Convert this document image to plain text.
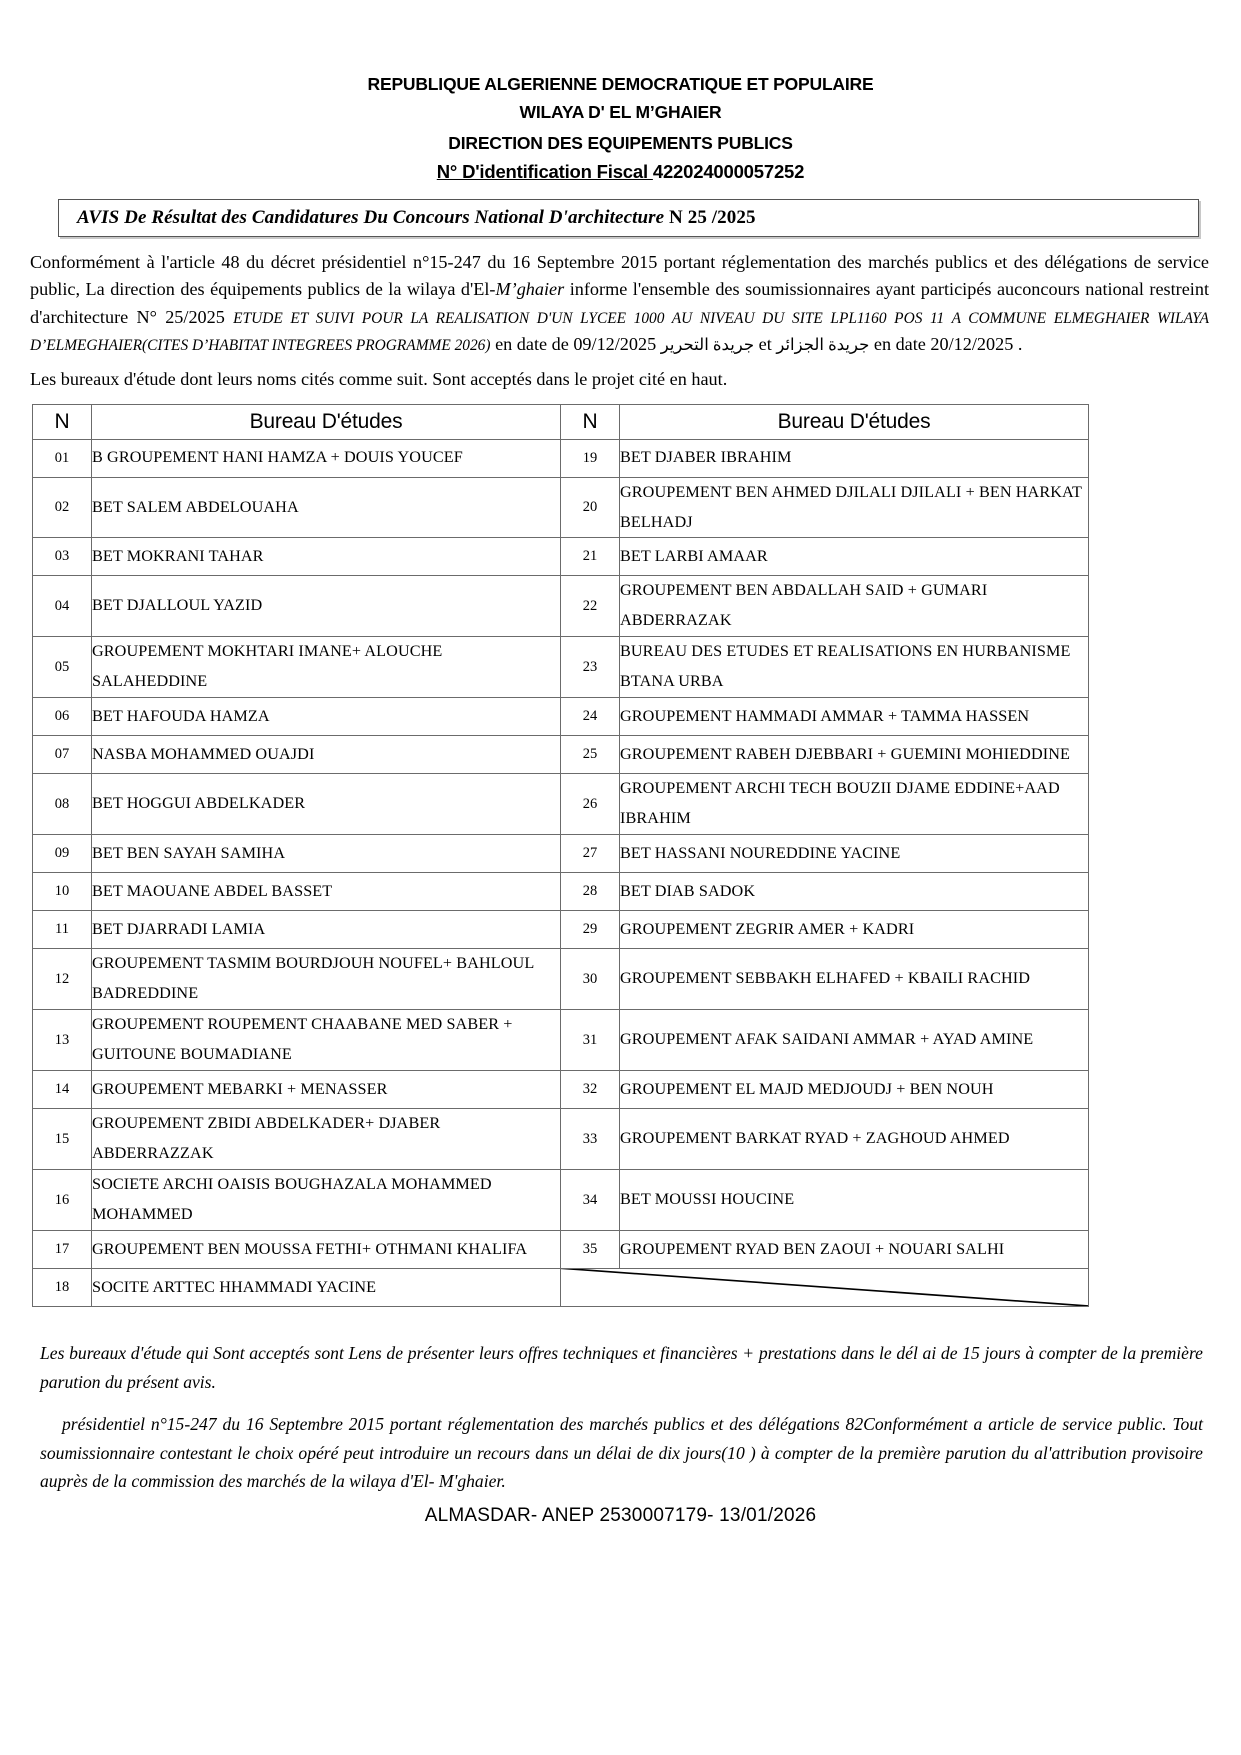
REPUBLIQUE ALGERIENNE DEMOCRATIQUE ET POPULAIRE
WILAYA D' EL M’GHAIER
DIRECTION DES EQUIPEMENTS PUBLICS
N° D'identification Fiscal 422024000057252
AVIS De Résultat des Candidatures Du Concours National D'architecture N 25 /2025
Conformément à l'article 48 du décret présidentiel n°15-247 du 16 Septembre 2015 portant réglementation des marchés publics et des délégations de service public, La direction des équipements publics de la wilaya d'El-M’ghaier informe l'ensemble des soumissionnaires ayant participés auconcours national restreint d'architecture N° 25/2025 ETUDE ET SUIVI POUR LA REALISATION D'UN LYCEE 1000 AU NIVEAU DU SITE LPL1160 POS 11 A COMMUNE ELMEGHAIER WILAYA D’ELMEGHAIER(CITES D’HABITAT INTEGREES PROGRAMME 2026) en date de 09/12/2025 جريدة التحرير et جريدة الجزائر en date 20/12/2025 .
Les bureaux d'étude dont leurs noms cités comme suit. Sont acceptés dans le projet cité en haut.
N	Bureau D'études	N	Bureau D'études
01	B GROUPEMENT HANI HAMZA + DOUIS YOUCEF	19	BET DJABER IBRAHIM
02	BET SALEM ABDELOUAHA	20	GROUPEMENT BEN AHMED DJILALI DJILALI + BEN HARKAT BELHADJ
03	BET MOKRANI TAHAR	21	BET LARBI AMAAR
04	BET DJALLOUL YAZID	22	GROUPEMENT BEN ABDALLAH SAID + GUMARI ABDERRAZAK
05	GROUPEMENT MOKHTARI IMANE+ ALOUCHE SALAHEDDINE	23	BUREAU DES ETUDES ET REALISATIONS EN HURBANISME BTANA URBA
06	BET HAFOUDA HAMZA	24	GROUPEMENT HAMMADI AMMAR + TAMMA HASSEN
07	NASBA MOHAMMED OUAJDI	25	GROUPEMENT RABEH DJEBBARI + GUEMINI MOHIEDDINE
08	BET HOGGUI ABDELKADER	26	GROUPEMENT ARCHI TECH BOUZII DJAME EDDINE+AAD IBRAHIM
09	BET BEN SAYAH SAMIHA	27	BET HASSANI NOUREDDINE YACINE
10	BET MAOUANE ABDEL BASSET	28	BET DIAB SADOK
11	BET DJARRADI LAMIA	29	GROUPEMENT ZEGRIR AMER + KADRI
12	GROUPEMENT TASMIM BOURDJOUH NOUFEL+ BAHLOUL BADREDDINE	30	GROUPEMENT SEBBAKH ELHAFED + KBAILI RACHID
13	GROUPEMENT ROUPEMENT CHAABANE MED SABER + GUITOUNE BOUMADIANE	31	GROUPEMENT AFAK SAIDANI AMMAR + AYAD AMINE
14	GROUPEMENT MEBARKI + MENASSER	32	GROUPEMENT EL MAJD MEDJOUDJ + BEN NOUH
15	GROUPEMENT ZBIDI ABDELKADER+ DJABER ABDERRAZZAK	33	GROUPEMENT BARKAT RYAD + ZAGHOUD AHMED
16	SOCIETE ARCHI OAISIS BOUGHAZALA MOHAMMED MOHAMMED	34	BET MOUSSI HOUCINE
17	GROUPEMENT BEN MOUSSA FETHI+ OTHMANI KHALIFA	35	GROUPEMENT RYAD BEN ZAOUI + NOUARI SALHI
18	SOCITE ARTTEC HHAMMADI YACINE	
Les bureaux d'étude qui Sont acceptés sont Lens de présenter leurs offres techniques et financières + prestations dans le dél ai de 15 jours à compter de la première parution du présent avis.
présidentiel n°15-247 du 16 Septembre 2015 portant réglementation des marchés publics et des délégations 82Conformément a article de service public. Tout soumissionnaire contestant le choix opéré peut introduire un recours dans un délai de dix jours(10 ) à compter de la première parution du al'attribution provisoire auprès de la commission des marchés de la wilaya d'El- M'ghaier.
ALMASDAR- ANEP 2530007179- 13/01/2026
